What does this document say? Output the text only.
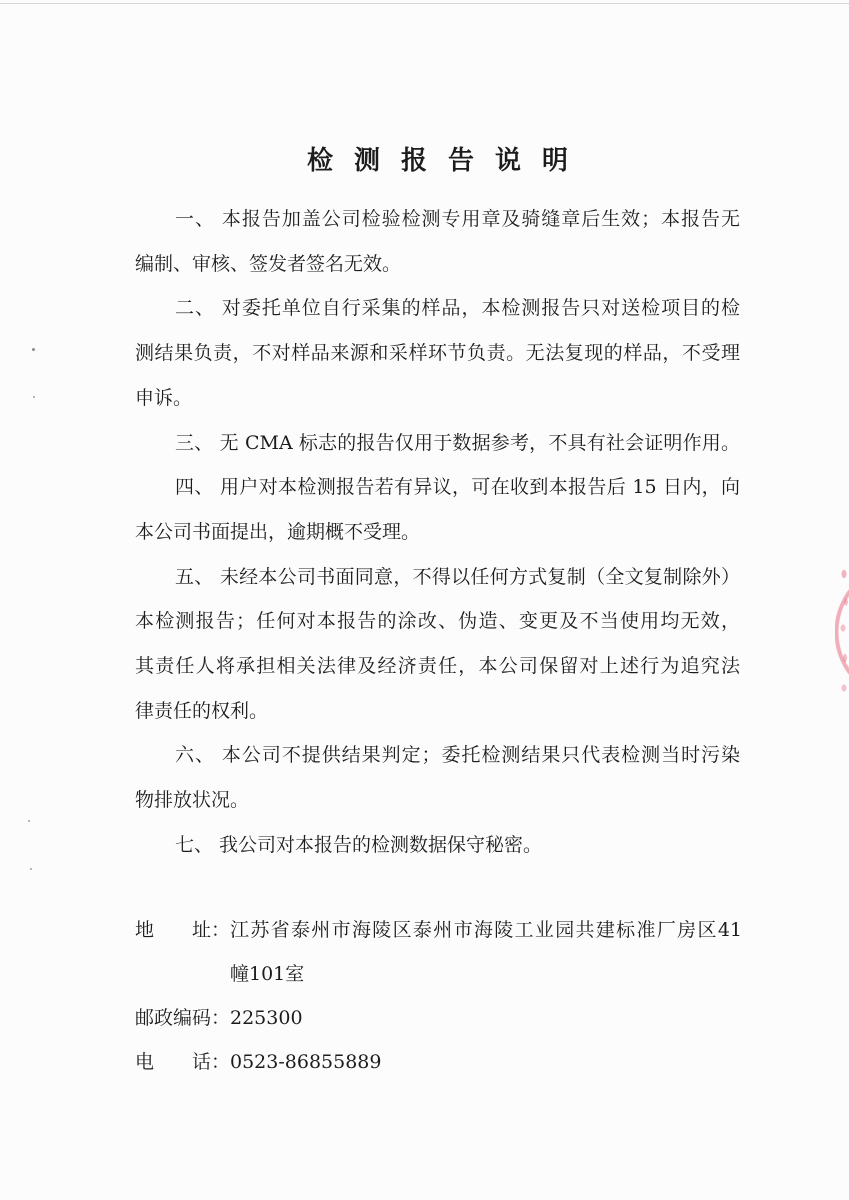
检测报告说明
一、 本报告加盖公司检验检测专用章及骑缝章后生效；本报告无
编制、审核、签发者签名无效。
二、 对委托单位自行采集的样品，本检测报告只对送检项目的检
测结果负责，不对样品来源和采样环节负责。无法复现的样品，不受理
申诉。
三、 无 CMA 标志的报告仅用于数据参考，不具有社会证明作用。
四、 用户对本检测报告若有异议，可在收到本报告后 15 日内，向
本公司书面提出，逾期概不受理。
五、 未经本公司书面同意，不得以任何方式复制（全文复制除外）
本检测报告；任何对本报告的涂改、伪造、变更及不当使用均无效，
其责任人将承担相关法律及经济责任，本公司保留对上述行为追究法
律责任的权利。
六、 本公司不提供结果判定；委托检测结果只代表检测当时污染
物排放状况。
七、 我公司对本报告的检测数据保守秘密。
地　　址： 江苏省泰州市海陵区泰州市海陵工业园共建标准厂房区41
幢101室
邮政编码： 225300
电　　话： 0523-86855889
